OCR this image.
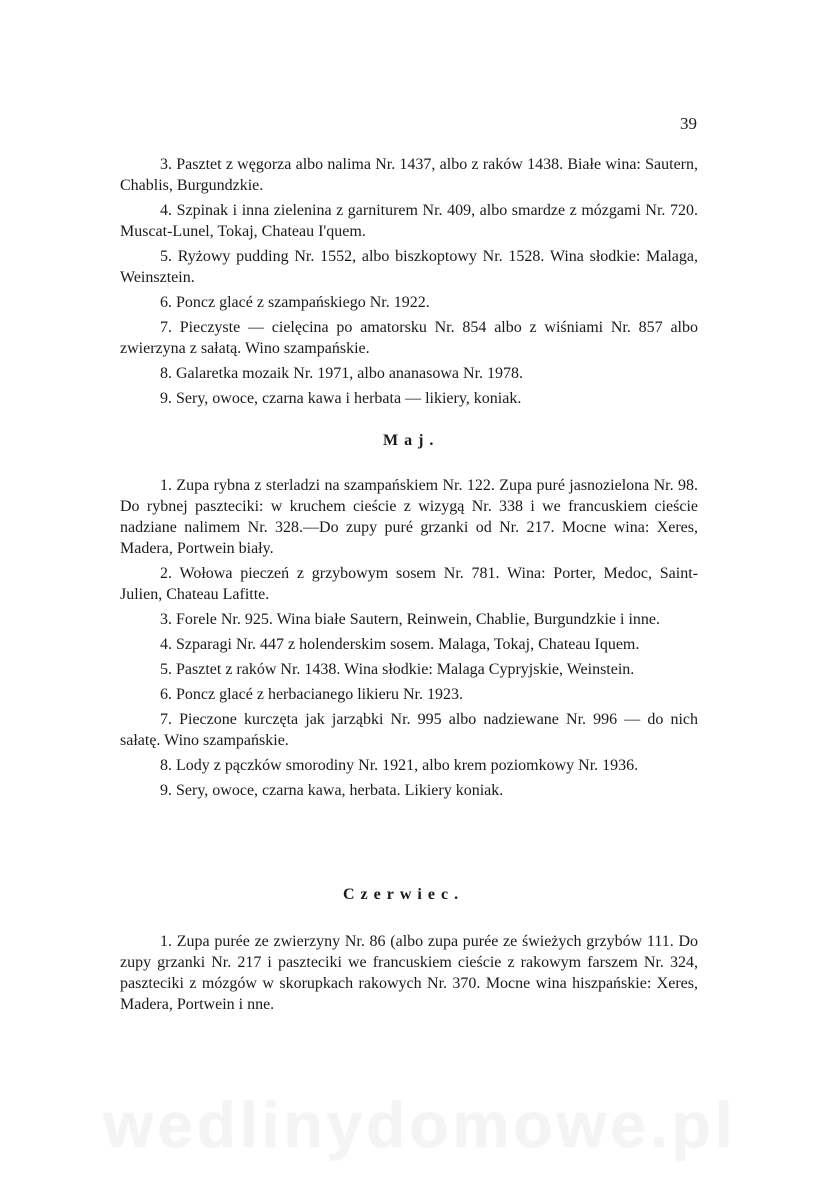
39

3. Pasztet z węgorza albo nalima Nr. 1437, albo z raków 1438. Białe wina: Sautern, Chablis, Burgundzkie.

4. Szpinak i inna zielenina z garniturem Nr. 409, albo smardze z mózgami Nr. 720. Muscat-Lunel, Tokaj, Chateau I'quem.

5. Ryżowy pudding Nr. 1552, albo biszkoptowy Nr. 1528. Wina słodkie: Malaga, Weinsztein.

6. Poncz glacé z szampańskiego Nr. 1922.

7. Pieczyste — cielęcina po amatorsku Nr. 854 albo z wiśniami Nr. 857 albo zwierzyna z sałatą. Wino szampańskie.

8. Galaretka mozaik Nr. 1971, albo ananasowa Nr. 1978.

9. Sery, owoce, czarna kawa i herbata — likiery, koniak.

Maj.

1. Zupa rybna z sterladzi na szampańskiem Nr. 122. Zupa puré jasnozielona Nr. 98. Do rybnej paszteciki: w kruchem cieście z wizygą Nr. 338 i we francuskiem cieście nadziane nalimem Nr. 328.—Do zupy puré grzanki od Nr. 217. Mocne wina: Xeres, Madera, Portwein biały.

2. Wołowa pieczeń z grzybowym sosem Nr. 781. Wina: Porter, Medoc, Saint-Julien, Chateau Lafitte.

3. Forele Nr. 925. Wina białe Sautern, Reinwein, Chablie, Burgundzkie i inne.

4. Szparagi Nr. 447 z holenderskim sosem. Malaga, Tokaj, Chateau Iquem.

5. Pasztet z raków Nr. 1438. Wina słodkie: Malaga Cypryjskie, Weinstein.

6. Poncz glacé z herbacianego likieru Nr. 1923.

7. Pieczone kurczęta jak jarząbki Nr. 995 albo nadziewane Nr. 996 — do nich sałatę. Wino szampańskie.

8. Lody z pączków smorodiny Nr. 1921, albo krem poziomkowy Nr. 1936.

9. Sery, owoce, czarna kawa, herbata. Likiery koniak.

Czerwiec.

1. Zupa purée ze zwierzyny Nr. 86 (albo zupa purée ze świeżych grzybów 111. Do zupy grzanki Nr. 217 i paszteciki we francuskiem cieście z rakowym farszem Nr. 324, paszteciki z mózgów w skorupkach rakowych Nr. 370. Mocne wina hiszpańskie: Xeres, Madera, Portwein i nne.

wedlinydomowe.pl
